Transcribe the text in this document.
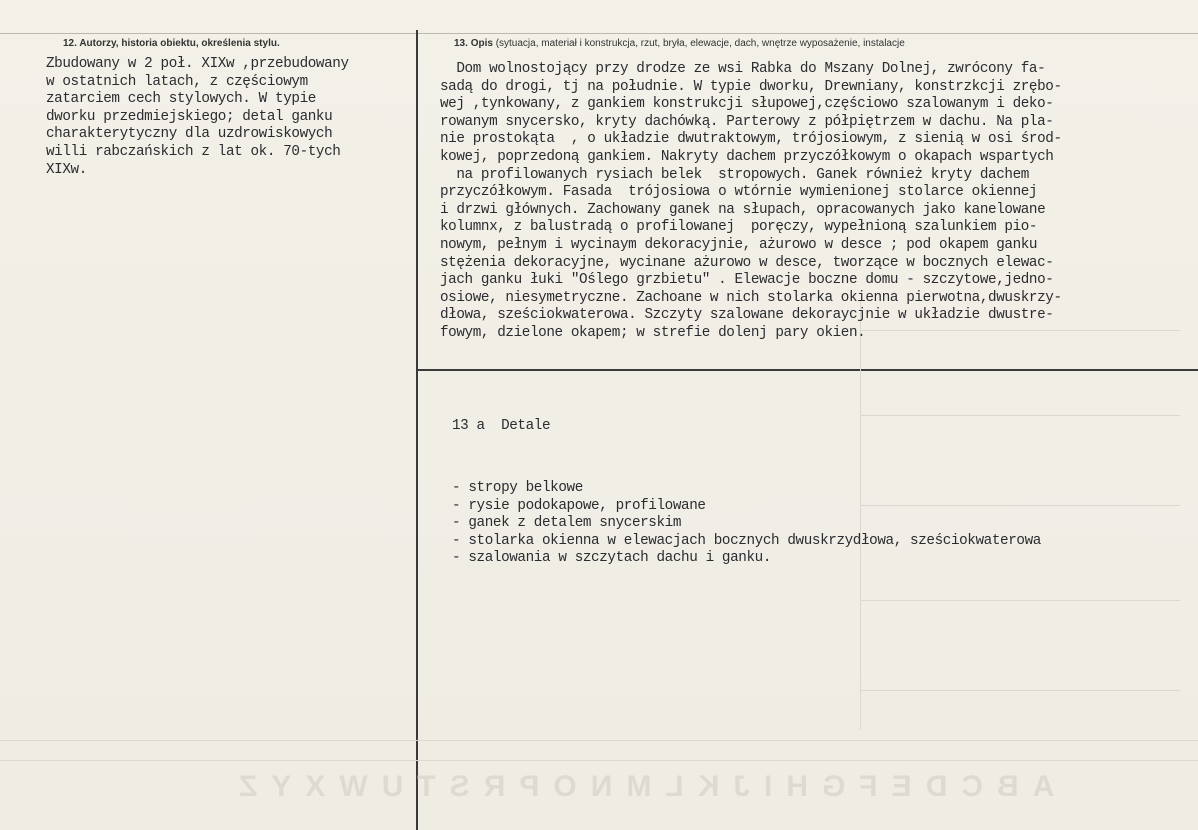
12. Autorzy, historia obiektu, określenia stylu.	13. Opis (sytuacja, materiał i konstrukcja, rzut, bryła, elewacje, dach, wnętrze wyposażenie, instalacje
ABCDEFGHIJKLMNOPRSTUWXYZ
Zbudowany w 2 poł. XIXw ,przebudowany
w ostatnich latach, z częściowym
zatarciem cech stylowych. W typie
dworku przedmiejskiego; detal ganku
charakterytyczny dla uzdrowiskowych
willi rabczańskich z lat ok. 70-tych
XIXw.
Dom wolnostojący przy drodze ze wsi Rabka do Mszany Dolnej, zwrócony fa-
sadą do drogi, tj na południe. W typie dworku, Drewniany, konstrzkcji zrębo-
wej ,tynkowany, z gankiem konstrukcji słupowej,częściowo szalowanym i deko-
rowanym snycersko, kryty dachówką. Parterowy z półpiętrzem w dachu. Na pla-
nie prostokąta  , o układzie dwutraktowym, trójosiowym, z sienią w osi środ-
kowej, poprzedoną gankiem. Nakryty dachem przyczółkowym o okapach wspartych
na profilowanych rysiach belek  stropowych. Ganek również kryty dachem
przyczółkowym. Fasada  trójosiowa o wtórnie wymienionej stolarce okiennej
i drzwi głównych. Zachowany ganek na słupach, opracowanych jako kanelowane
kolumnx, z balustradą o profilowanej  poręczy, wypełnioną szalunkiem pio-
nowym, pełnym i wycinaym dekoracyjnie, ażurowo w desce ; pod okapem ganku
stężenia dekoracyjne, wycinane ażurowo w desce, tworzące w bocznych elewac-
jach ganku łuki "Oślego grzbietu" . Elewacje boczne domu - szczytowe,jedno-
osiowe, niesymetryczne. Zachoane w nich stolarka okienna pierwotna,dwuskrzy-
dłowa, sześciokwaterowa. Szczyty szalowane dekoraycjnie w układzie dwustre-
fowym, dzielone okapem; w strefie dolenj pary okien.

13 a  Detale

- stropy belkowe
- rysie podokapowe, profilowane
- ganek z detalem snycerskim
- stolarka okienna w elewacjach bocznych dwuskrzydłowa, sześciokwaterowa
- szalowania w szczytach dachu i ganku.
